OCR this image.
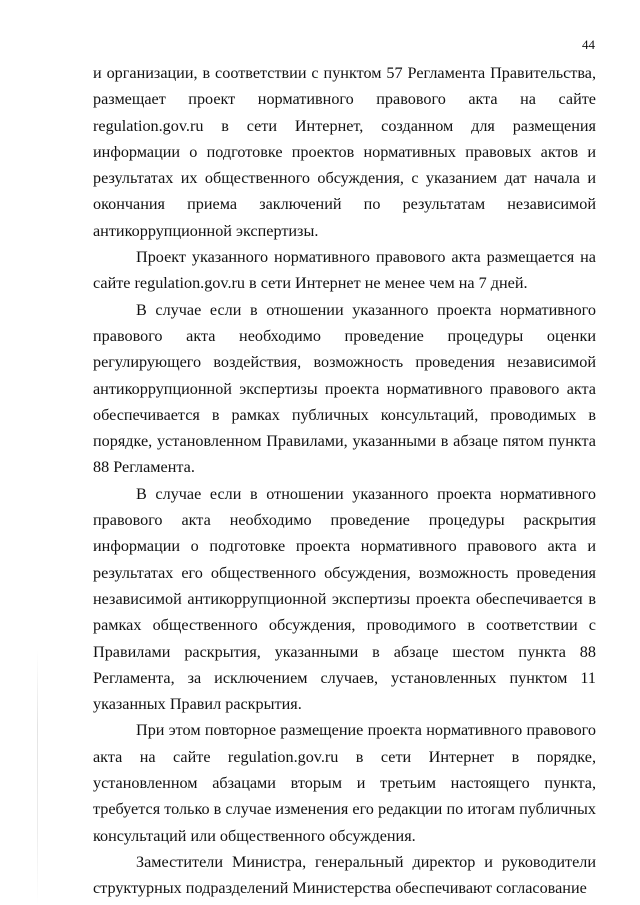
44

и организации, в соответствии с пунктом 57 Регламента Правительства, размещает проект нормативного правового акта на сайте regulation.gov.ru в сети Интернет, созданном для размещения информации о подготовке проектов нормативных правовых актов и результатах их общественного обсуждения, с указанием дат начала и окончания приема заключений по результатам независимой антикоррупционной экспертизы.

Проект указанного нормативного правового акта размещается на сайте regulation.gov.ru в сети Интернет не менее чем на 7 дней.

В случае если в отношении указанного проекта нормативного правового акта необходимо проведение процедуры оценки регулирующего воздействия, возможность проведения независимой антикоррупционной экспертизы проекта нормативного правового акта обеспечивается в рамках публичных консультаций, проводимых в порядке, установленном Правилами, указанными в абзаце пятом пункта 88 Регламента.

В случае если в отношении указанного проекта нормативного правового акта необходимо проведение процедуры раскрытия информации о подготовке проекта нормативного правового акта и результатах его общественного обсуждения, возможность проведения независимой антикоррупционной экспертизы проекта обеспечивается в рамках общественного обсуждения, проводимого в соответствии с Правилами раскрытия, указанными в абзаце шестом пункта 88 Регламента, за исключением случаев, установленных пунктом 11 указанных Правил раскрытия.

При этом повторное размещение проекта нормативного правового акта на сайте regulation.gov.ru в сети Интернет в порядке, установленном абзацами вторым и третьим настоящего пункта, требуется только в случае изменения его редакции по итогам публичных консультаций или общественного обсуждения.

Заместители Министра, генеральный директор и руководители структурных подразделений Министерства обеспечивают согласование
